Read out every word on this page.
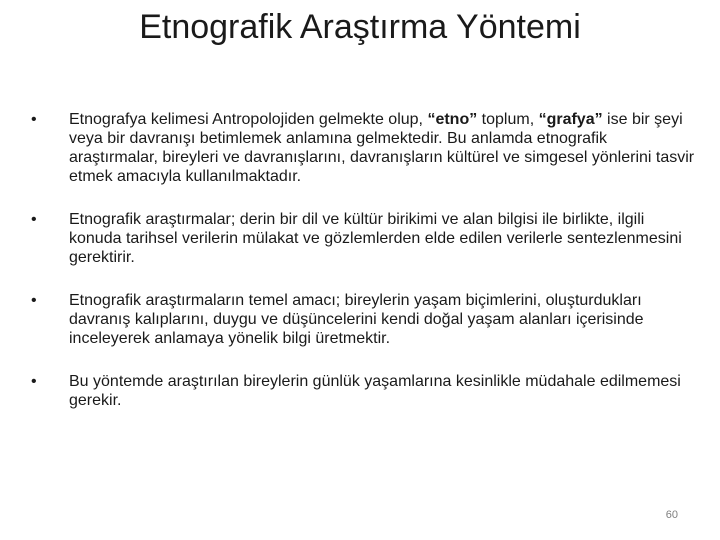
Etnografik Araştırma Yöntemi
• Etnografya kelimesi Antropolojiden gelmekte olup, “etno” toplum, “grafya” ise bir şeyi veya bir davranışı betimlemek anlamına gelmektedir. Bu anlamda etnografik araştırmalar, bireyleri ve davranışlarını, davranışların kültürel ve simgesel yönlerini tasvir etmek amacıyla kullanılmaktadır.
• Etnografik araştırmalar; derin bir dil ve kültür birikimi ve alan bilgisi ile birlikte, ilgili konuda tarihsel verilerin mülakat ve gözlemlerden elde edilen verilerle sentezlenmesini gerektirir.
• Etnografik araştırmaların temel amacı; bireylerin yaşam biçimlerini, oluşturdukları davranış kalıplarını, duygu ve düşüncelerini kendi doğal yaşam alanları içerisinde inceleyerek anlamaya yönelik bilgi üretmektir.
• Bu yöntemde araştırılan bireylerin günlük yaşamlarına kesinlikle müdahale edilmemesi gerekir.
60
